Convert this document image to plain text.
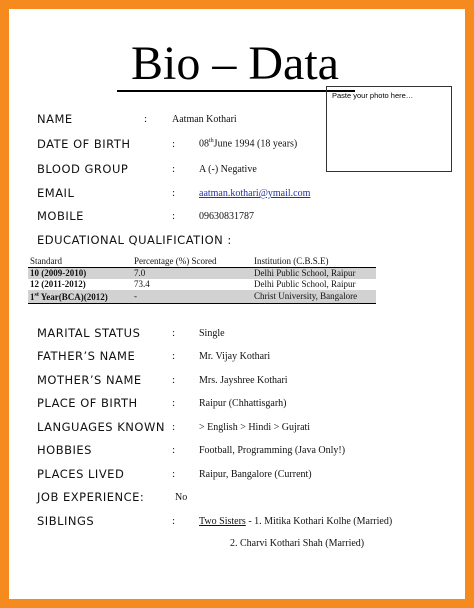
Bio – Data
Paste your photo here…
NAME	: Aatman Kothari
DATE OF BIRTH	: 08thJune 1994 (18 years)
BLOOD GROUP	: A (-) Negative
EMAIL	: aatman.kothari@ymail.com
MOBILE	: 09630831787
EDUCATIONAL QUALIFICATION :
Standard	Percentage (%) Scored	Institution (C.B.S.E)
10 (2009-2010)	7.0	Delhi Public School, Raipur
12 (2011-2012)	73.4	Delhi Public School, Raipur
1st Year(BCA)(2012)	-	Christ University, Bangalore
MARITAL STATUS	: Single
FATHER’S NAME	: Mr. Vijay Kothari
MOTHER’S NAME	: Mrs. Jayshree Kothari
PLACE OF BIRTH	: Raipur (Chhattisgarh)
LANGUAGES KNOWN : > English > Hindi > Gujrati
HOBBIES	: Football, Programming (Java Only!)
PLACES LIVED	: Raipur, Bangalore (Current)
JOB EXPERIENCE:	No
SIBLINGS	: Two Sisters - 1. Mitika Kothari Kolhe (Married)
2. Charvi Kothari Shah (Married)
